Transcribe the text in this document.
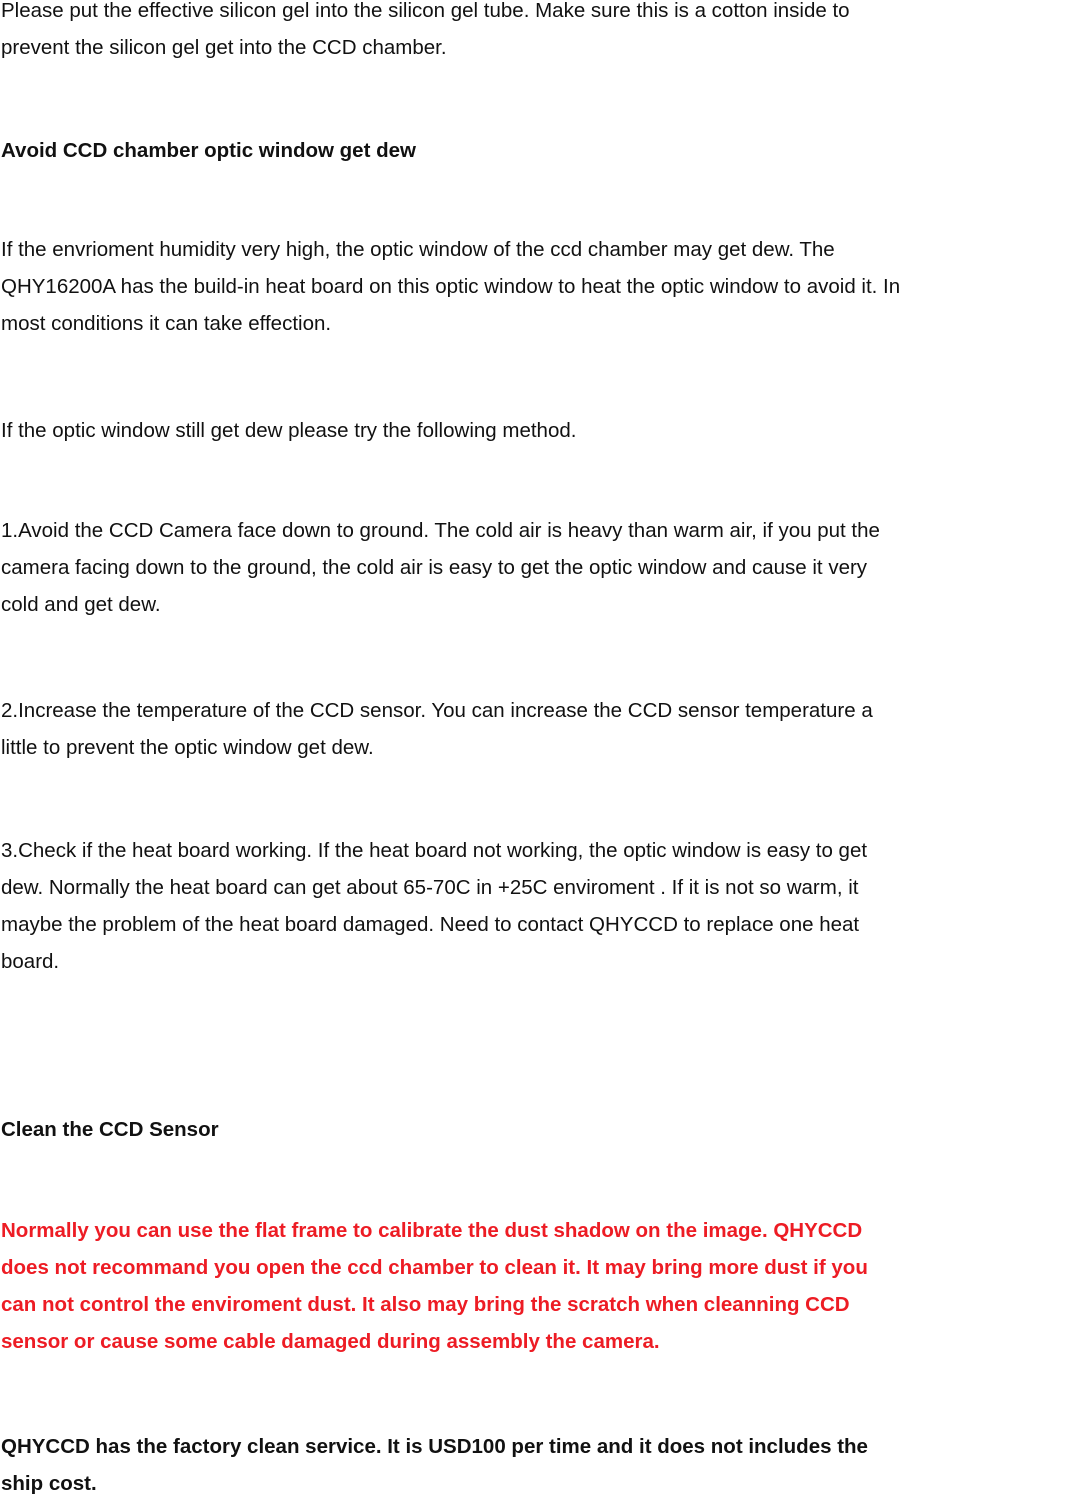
Please put the effective silicon gel into the silicon gel tube. Make sure this is a cotton inside to
prevent the silicon gel get into the CCD chamber.
Avoid CCD chamber optic window get dew
If the envrioment humidity very high, the optic window of the ccd chamber may get dew. The
QHY16200A has the build-in heat board on this optic window to heat the optic window to avoid it. In
most conditions it can take effection.
If the optic window still get dew please try the following method.
1.Avoid the CCD Camera face down to ground. The cold air is heavy than warm air, if you put the
camera facing down to the ground, the cold air is easy to get the optic window and cause it very
cold and get dew.
2.Increase the temperature of the CCD sensor. You can increase the CCD sensor temperature a
little to prevent the optic window get dew.
3.Check if the heat board working. If the heat board not working, the optic window is easy to get
dew. Normally the heat board can get about 65-70C in +25C enviroment . If it is not so warm, it
maybe the problem of the heat board damaged. Need to contact QHYCCD to replace one heat
board.
Clean the CCD Sensor
Normally you can use the flat frame to calibrate the dust shadow on the image. QHYCCD
does not recommand you open the ccd chamber to clean it. It may bring more dust if you
can not control the enviroment dust. It also may bring the scratch when cleanning CCD
sensor or cause some cable damaged during assembly the camera.
QHYCCD has the factory clean service. It is USD100 per time and it does not includes the
ship cost.
